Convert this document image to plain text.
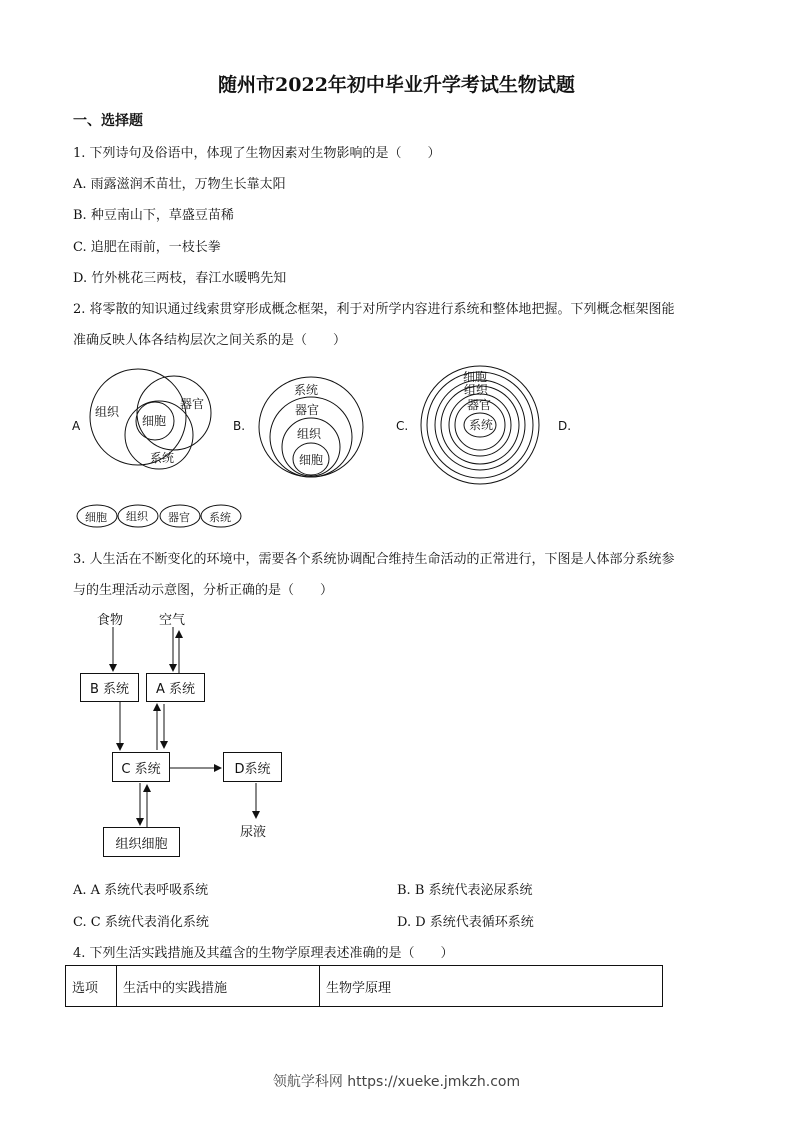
随州市2022年初中毕业升学考试生物试题
一、选择题
1. 下列诗句及俗语中，体现了生物因素对生物影响的是（　　）
A. 雨露滋润禾苗壮，万物生长靠太阳
B. 种豆南山下，草盛豆苗稀
C. 追肥在雨前，一枝长拳
D. 竹外桃花三两枝，春江水暖鸭先知
2. 将零散的知识通过线索贯穿形成概念框架，利于对所学内容进行系统和整体地把握。下列概念框架图能
准确反映人体各结构层次之间关系的是（　　）
A
组织
细胞
器官
系统
B.
系统
器官
组织
细胞
C.
细胞
组织
器官
系统	D.
细胞 组织 器官 系统
3. 人生活在不断变化的环境中，需要各个系统协调配合维持生命活动的正常进行，下图是人体部分系统参
与的生理活动示意图，分析正确的是（　　）
食物	空气
B 系统	A 系统
C 系统	D系统
尿液
组织细胞
A. A 系统代表呼吸系统	B. B 系统代表泌尿系统
C. C 系统代表消化系统	D. D 系统代表循环系统
4. 下列生活实践措施及其蕴含的生物学原理表述准确的是（　　）
选项	生活中的实践措施	生物学原理
领航学科网 https://xueke.jmkzh.com
